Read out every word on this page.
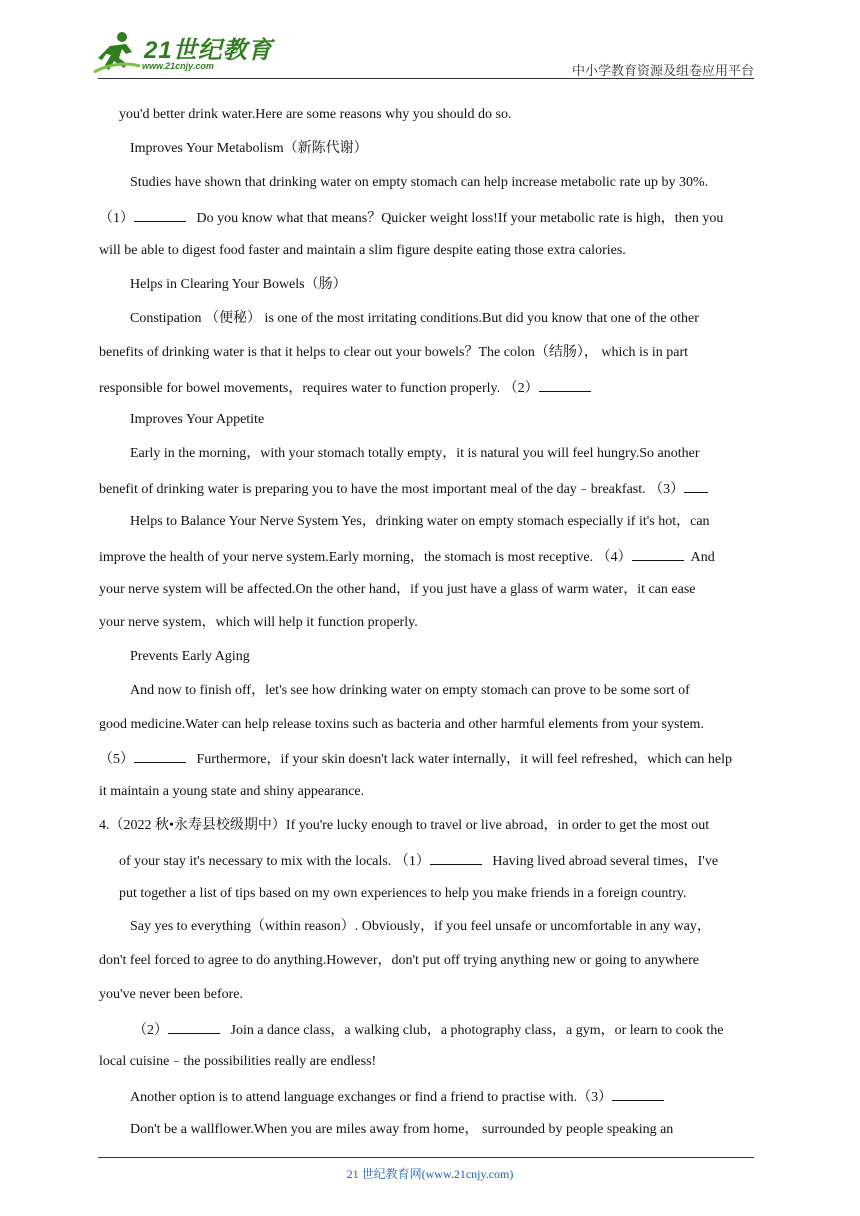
21世纪教育
www.21cnjy.com	中小学教育资源及组卷应用平台
you'd better drink water.Here are some reasons why you should do so.
Improves Your Metabolism（新陈代谢）
Studies have shown that drinking water on empty stomach can help increase metabolic rate up by 30%.
（1）	Do you know what that means？Quicker weight loss!If your metabolic rate is high，then you
will be able to digest food faster and maintain a slim figure despite eating those extra calories.
Helps in Clearing Your Bowels（肠）
Constipation （便秘） is one of the most irritating conditions.But did you know that one of the other
benefits of drinking water is that it helps to clear out your bowels？The colon（结肠）， which is in part
responsible for bowel movements，requires water to function properly. （2）
Improves Your Appetite
Early in the morning，with your stomach totally empty，it is natural you will feel hungry.So another
benefit of drinking water is preparing you to have the most important meal of the day﹣breakfast. （3）
Helps to Balance Your Nerve System Yes，drinking water on empty stomach especially if it's hot，can
improve the health of your nerve system.Early morning，the stomach is most receptive. （4）	And
your nerve system will be affected.On the other hand，if you just have a glass of warm water，it can ease
your nerve system，which will help it function properly.
Prevents Early Aging
And now to finish off，let's see how drinking water on empty stomach can prove to be some sort of
good medicine.Water can help release toxins such as bacteria and other harmful elements from your system.
（5）	Furthermore，if your skin doesn't lack water internally，it will feel refreshed，which can help
it maintain a young state and shiny appearance.
4.（2022 秋•永寿县校级期中）If you're lucky enough to travel or live abroad，in order to get the most out
of your stay it's necessary to mix with the locals. （1）	Having lived abroad several times，I've
put together a list of tips based on my own experiences to help you make friends in a foreign country.
Say yes to everything（within reason）. Obviously，if you feel unsafe or uncomfortable in any way，
don't feel forced to agree to do anything.However，don't put off trying anything new or going to anywhere
you've never been before.
（2）	Join a dance class，a walking club，a photography class，a gym，or learn to cook the
local cuisine﹣the possibilities really are endless!
Another option is to attend language exchanges or find a friend to practise with.（3）
Don't be a wallflower.When you are miles away from home， surrounded by people speaking an
21 世纪教育网(www.21cnjy.com)
